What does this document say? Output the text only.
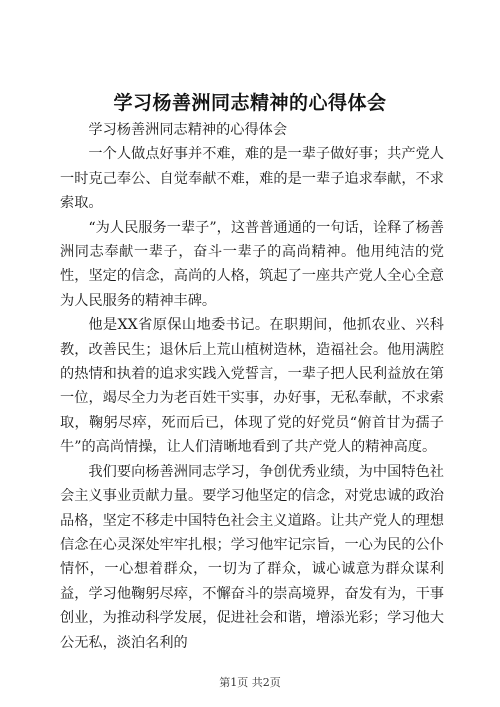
学习杨善洲同志精神的心得体会

学习杨善洲同志精神的心得体会

一个人做点好事并不难，难的是一辈子做好事；共产党人一时克己奉公、自觉奉献不难，难的是一辈子追求奉献，不求索取。

“为人民服务一辈子”，这普普通通的一句话，诠释了杨善洲同志奉献一辈子，奋斗一辈子的高尚精神。他用纯洁的党性，坚定的信念，高尚的人格，筑起了一座共产党人全心全意为人民服务的精神丰碑。

他是XX省原保山地委书记。在职期间，他抓农业、兴科教，改善民生；退休后上荒山植树造林，造福社会。他用满腔的热情和执着的追求实践入党誓言，一辈子把人民利益放在第一位，竭尽全力为老百姓干实事，办好事，无私奉献，不求索取，鞠躬尽瘁，死而后已，体现了党的好党员“俯首甘为孺子牛”的高尚情操，让人们清晰地看到了共产党人的精神高度。

我们要向杨善洲同志学习，争创优秀业绩，为中国特色社会主义事业贡献力量。要学习他坚定的信念，对党忠诚的政治品格，坚定不移走中国特色社会主义道路。让共产党人的理想信念在心灵深处牢牢扎根；学习他牢记宗旨，一心为民的公仆情怀，一心想着群众，一切为了群众，诚心诚意为群众谋利益，学习他鞠躬尽瘁，不懈奋斗的崇高境界，奋发有为，干事创业，为推动科学发展，促进社会和谐，增添光彩；学习他大公无私，淡泊名利的

第1页 共2页
